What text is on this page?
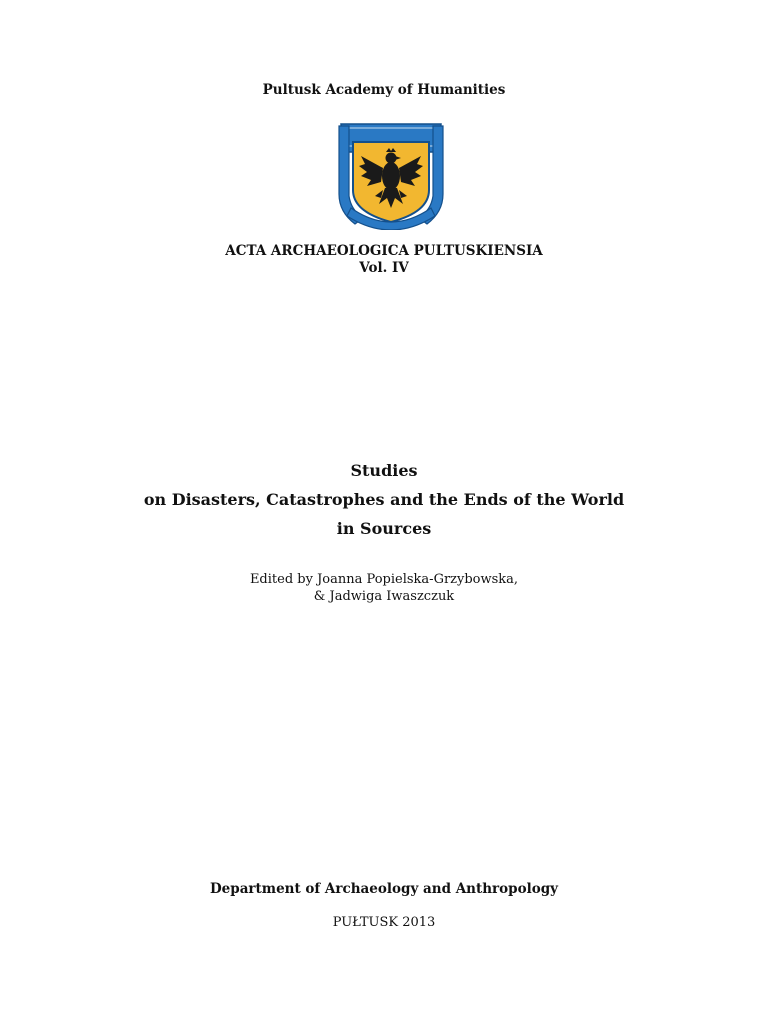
Pultusk Academy of Humanities
ACTA ARCHAEOLOGICA PULTUSKIENSIA
Vol. IV
Studies
on Disasters, Catastrophes and the Ends of the World
in Sources
Edited by Joanna Popielska-Grzybowska,
& Jadwiga Iwaszczuk
Department of Archaeology and Anthropology
PUŁTUSK 2013
